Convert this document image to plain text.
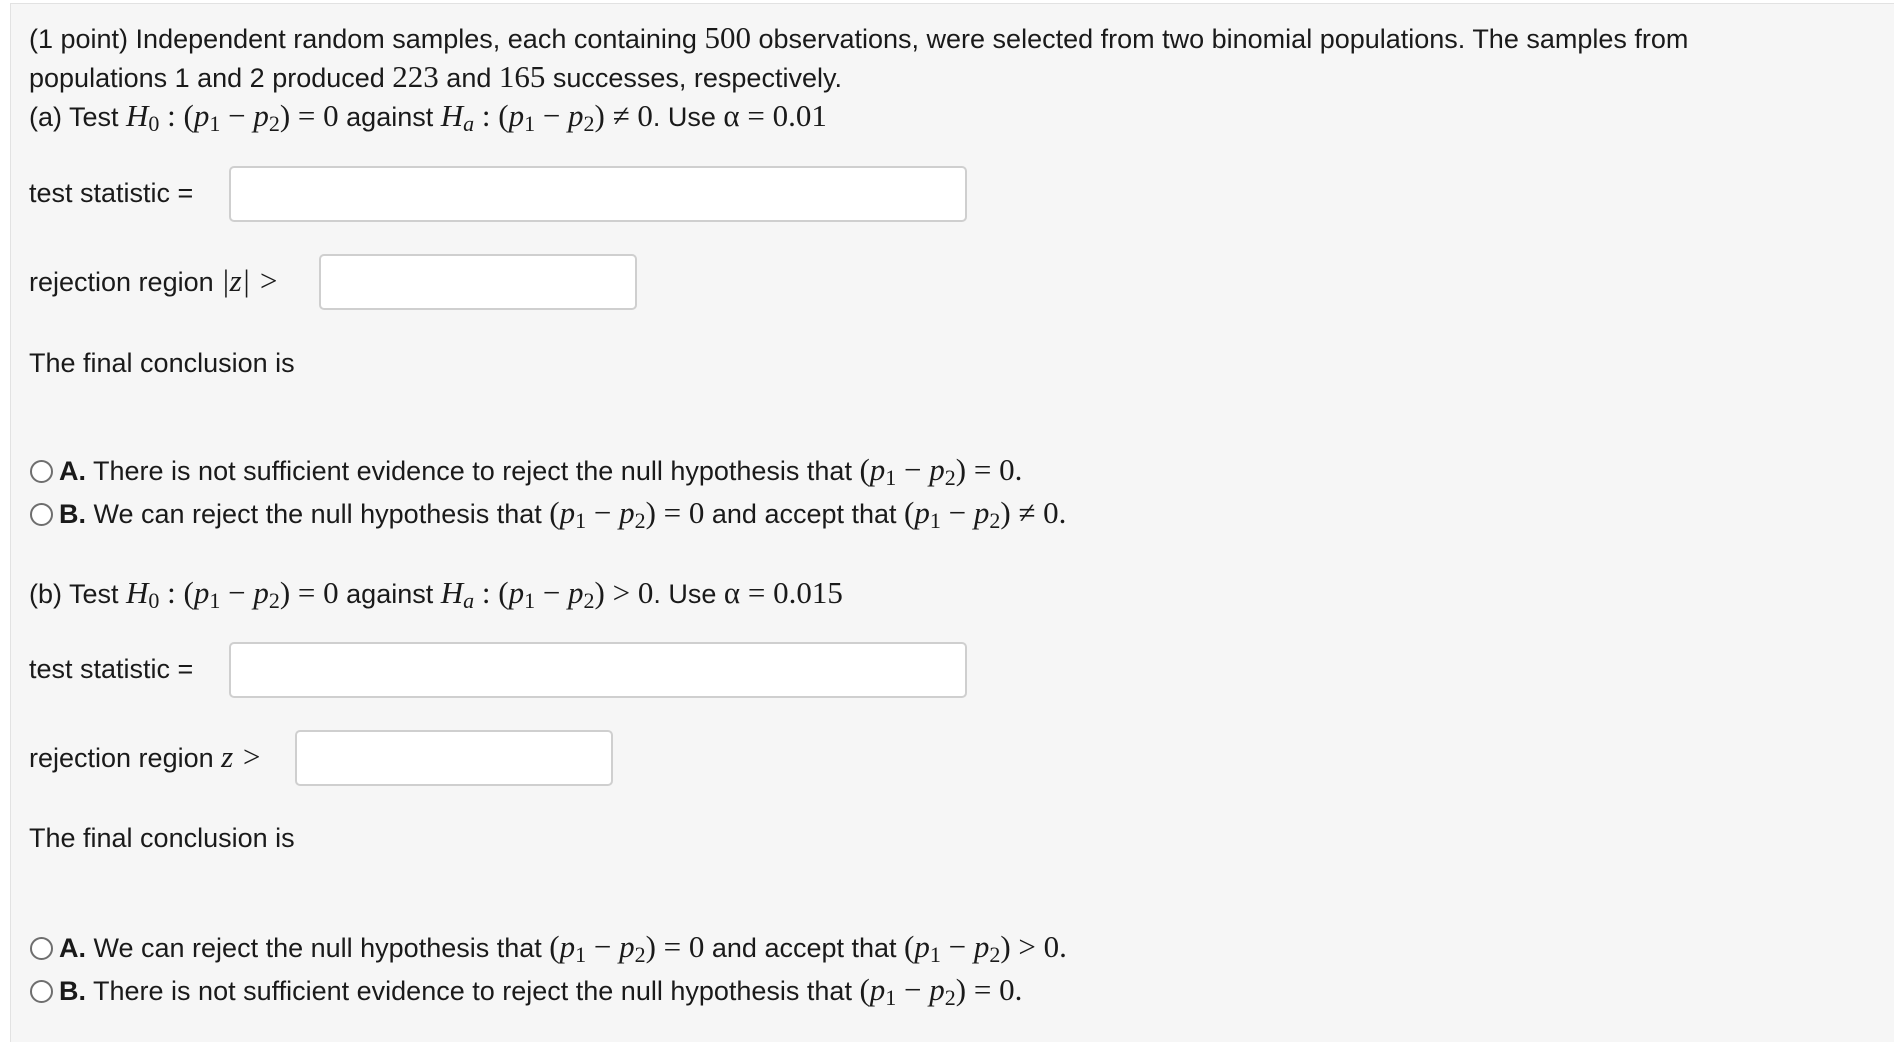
(1 point) Independent random samples, each containing 500 observations, were selected from two binomial populations. The samples from
populations 1 and 2 produced 223 and 165 successes, respectively.
(a) Test $H_0$ : $(p_1 - p_2) = 0$ against $H_a$ : $(p_1 - p_2) \ne 0$. Use α = 0.01
test statistic =
rejection region |z| >
The final conclusion is
A. There is not sufficient evidence to reject the null hypothesis that $(p_1 - p_2) = 0$.
B. We can reject the null hypothesis that $(p_1 - p_2) = 0$ and accept that $(p_1 - p_2) \ne 0$.
(b) Test $H_0$ : $(p_1 - p_2) = 0$ against $H_a$ : $(p_1 - p_2) > 0$. Use α = 0.015
test statistic =
rejection region z >
The final conclusion is
A. We can reject the null hypothesis that $(p_1 - p_2) = 0$ and accept that $(p_1 - p_2) > 0$.
B. There is not sufficient evidence to reject the null hypothesis that $(p_1 - p_2) = 0$.
